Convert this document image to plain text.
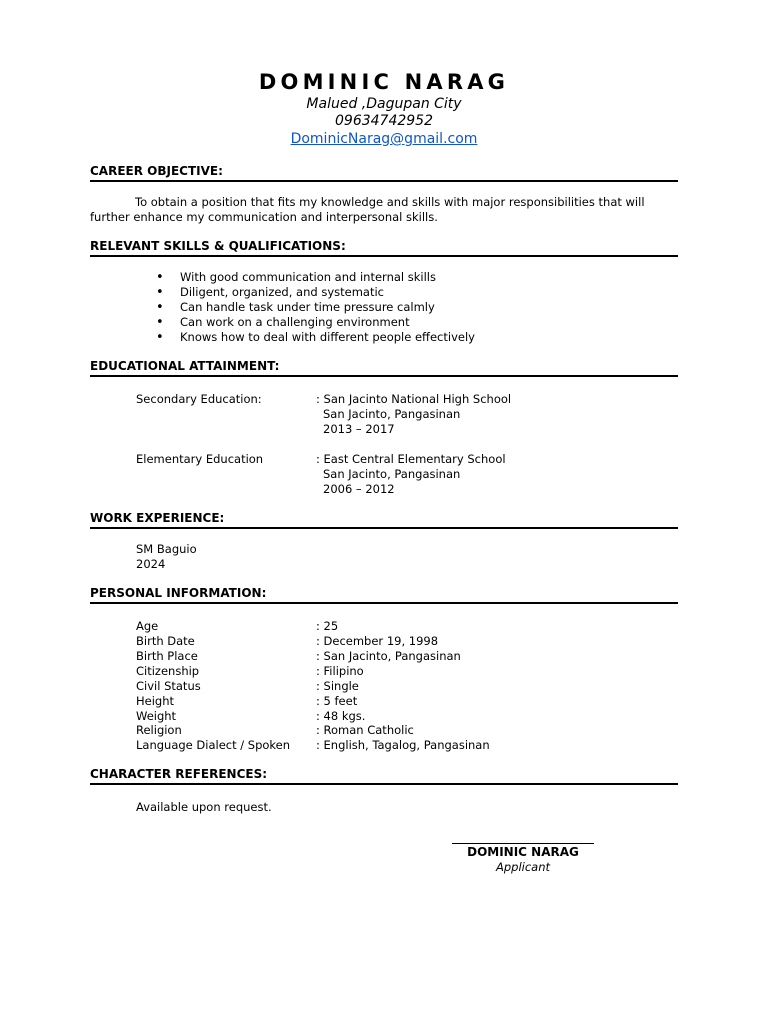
DOMINIC NARAG
Malued ,Dagupan City
09634742952
DominicNarag@gmail.com
CAREER OBJECTIVE:
To obtain a position that fits my knowledge and skills with major responsibilities that will further enhance my communication and interpersonal skills.
RELEVANT SKILLS & QUALIFICATIONS:
• With good communication and internal skills
• Diligent, organized, and systematic
• Can handle task under time pressure calmly
• Can work on a challenging environment
• Knows how to deal with different people effectively
EDUCATIONAL ATTAINMENT:
Secondary Education:	: San Jacinto National High School
San Jacinto, Pangasinan
2013 – 2017
Elementary Education	: East Central Elementary School
San Jacinto, Pangasinan
2006 – 2012
WORK EXPERIENCE:
SM Baguio
2024
PERSONAL INFORMATION:
Age	: 25
Birth Date	: December 19, 1998
Birth Place	: San Jacinto, Pangasinan
Citizenship	: Filipino
Civil Status	: Single
Height	: 5 feet
Weight	: 48 kgs.
Religion	: Roman Catholic
Language Dialect / Spoken : English, Tagalog, Pangasinan
CHARACTER REFERENCES:
Available upon request.
DOMINIC NARAG
Applicant
